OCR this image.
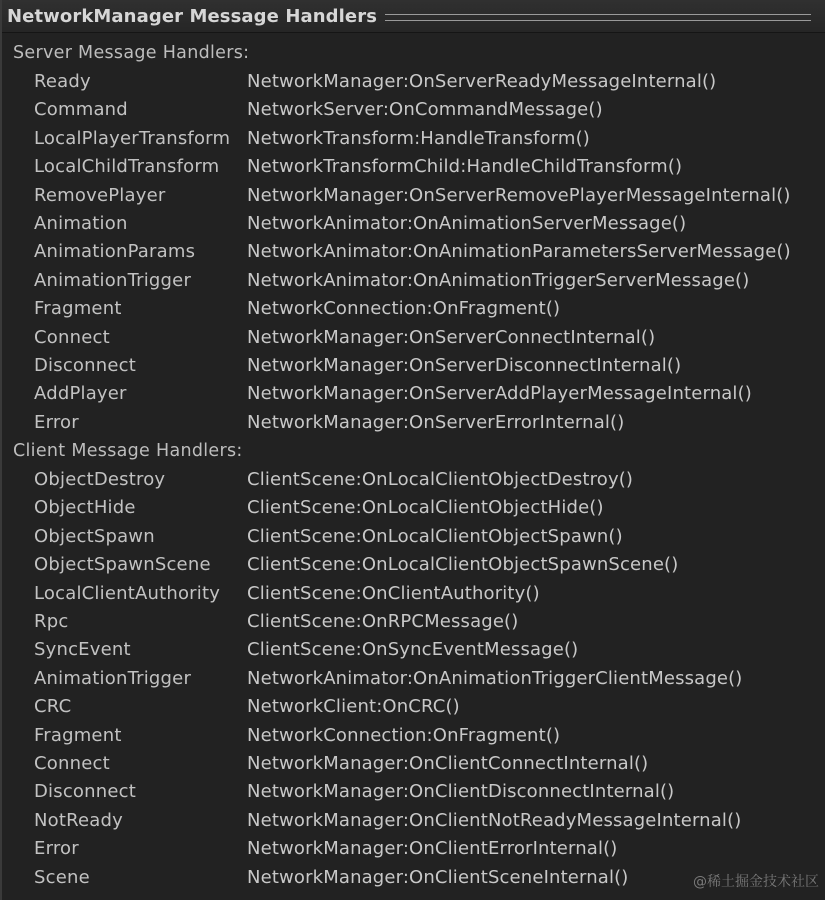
NetworkManager Message Handlers
Server Message Handlers:
Ready	NetworkManager:OnServerReadyMessageInternal()
Command	NetworkServer:OnCommandMessage()
LocalPlayerTransform NetworkTransform:HandleTransform()
LocalChildTransform NetworkTransformChild:HandleChildTransform()
RemovePlayer	NetworkManager:OnServerRemovePlayerMessageInternal()
Animation	NetworkAnimator:OnAnimationServerMessage()
AnimationParams	NetworkAnimator:OnAnimationParametersServerMessage()
AnimationTrigger	NetworkAnimator:OnAnimationTriggerServerMessage()
Fragment	NetworkConnection:OnFragment()
Connect	NetworkManager:OnServerConnectInternal()
Disconnect	NetworkManager:OnServerDisconnectInternal()
AddPlayer	NetworkManager:OnServerAddPlayerMessageInternal()
Error	NetworkManager:OnServerErrorInternal()
Client Message Handlers:
ObjectDestroy	ClientScene:OnLocalClientObjectDestroy()
ObjectHide	ClientScene:OnLocalClientObjectHide()
ObjectSpawn	ClientScene:OnLocalClientObjectSpawn()
ObjectSpawnScene ClientScene:OnLocalClientObjectSpawnScene()
LocalClientAuthority ClientScene:OnClientAuthority()
Rpc	ClientScene:OnRPCMessage()
SyncEvent	ClientScene:OnSyncEventMessage()
AnimationTrigger	NetworkAnimator:OnAnimationTriggerClientMessage()
CRC	NetworkClient:OnCRC()
Fragment	NetworkConnection:OnFragment()
Connect	NetworkManager:OnClientConnectInternal()
Disconnect	NetworkManager:OnClientDisconnectInternal()
NotReady	NetworkManager:OnClientNotReadyMessageInternal()
Error	NetworkManager:OnClientErrorInternal()
Scene	NetworkManager:OnClientSceneInternal()	@稀土掘金技术社区
